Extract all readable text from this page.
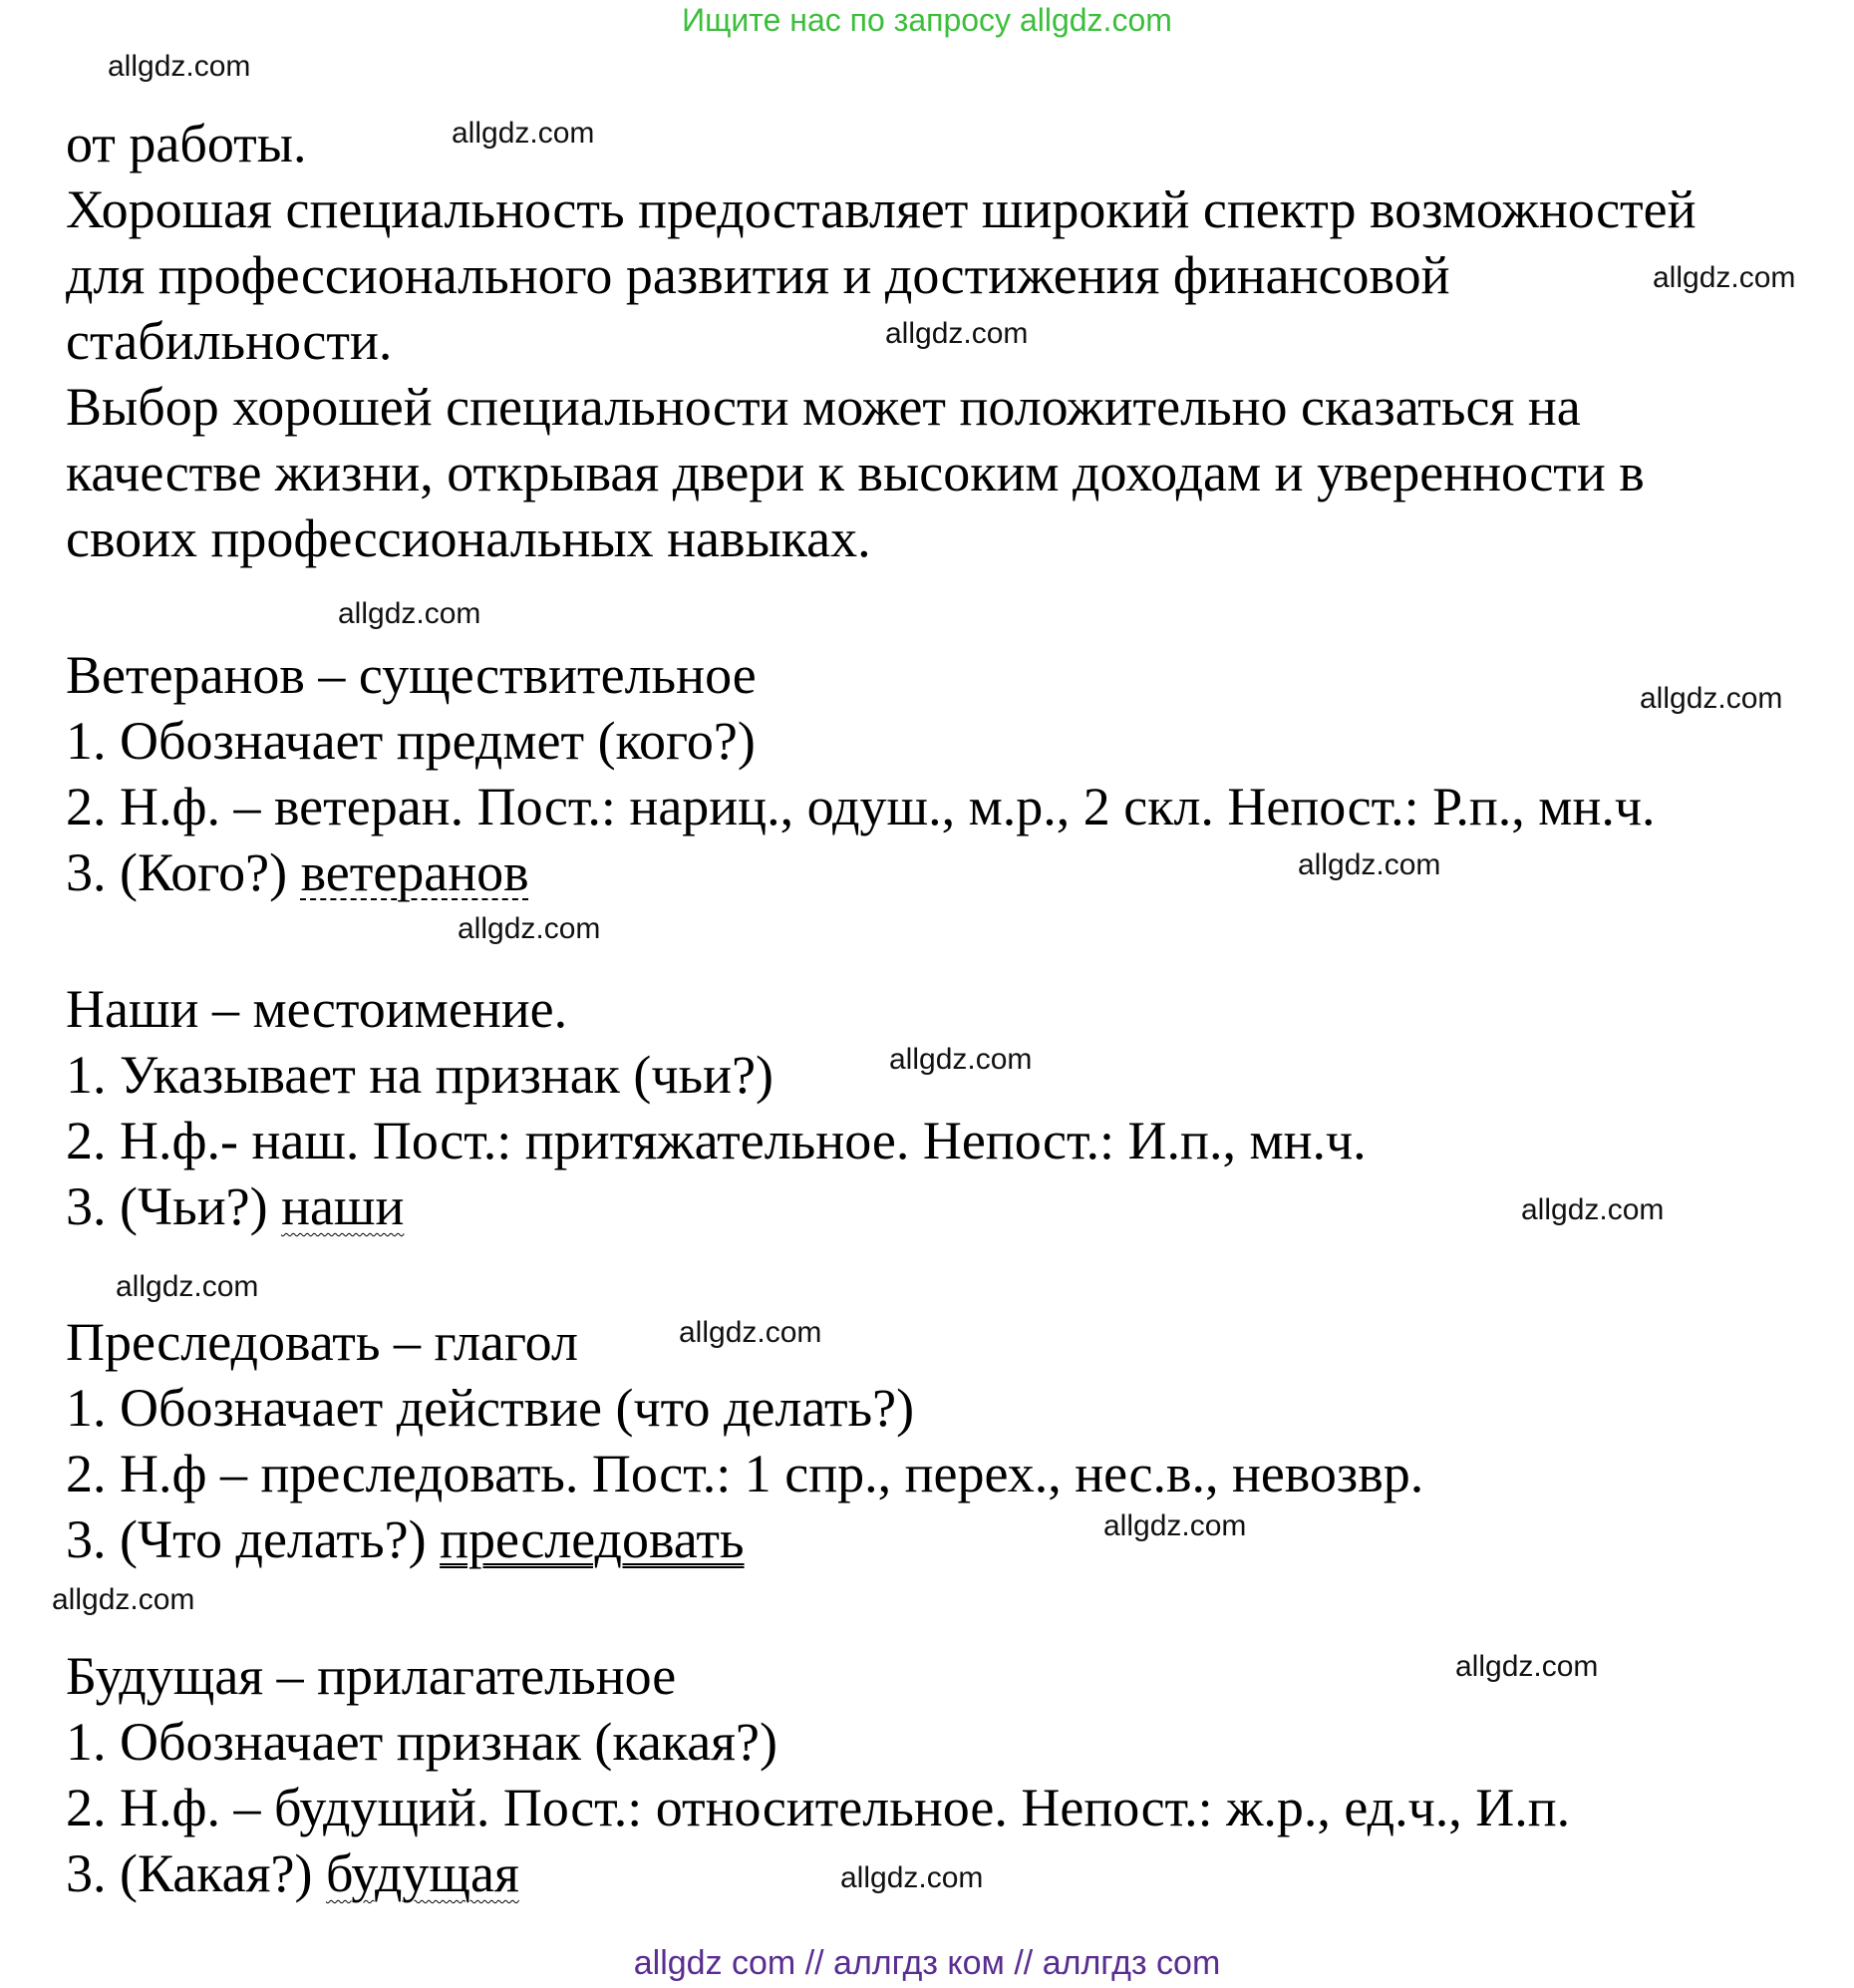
Ищите нас по запросу allgdz.com
allgdz.com
allgdz.com
allgdz.com
allgdz.com
allgdz.com
allgdz.com
allgdz.com
allgdz.com
allgdz.com
allgdz.com
allgdz.com
allgdz.com
allgdz.com
allgdz.com
allgdz.com
allgdz.com
от работы.
Хорошая специальность предоставляет широкий спектр возможностей
для профессионального развития и достижения финансовой
стабильности.
Выбор хорошей специальности может положительно сказаться на
качестве жизни, открывая двери к высоким доходам и уверенности в
своих профессиональных навыках.
Ветеранов – существительное
1. Обозначает предмет (кого?)
2. Н.ф. – ветеран. Пост.: нариц., одуш., м.р., 2 скл. Непост.: Р.п., мн.ч.
3. (Кого?) ветеранов
Наши – местоимение.
1. Указывает на признак (чьи?)
2. Н.ф.- наш. Пост.: притяжательное. Непост.: И.п., мн.ч.
3. (Чьи?) наши
Преследовать – глагол
1. Обозначает действие (что делать?)
2. Н.ф – преследовать. Пост.: 1 спр., перех., нес.в., невозвр.
3. (Что делать?) преследовать
Будущая – прилагательное
1. Обозначает признак (какая?)
2. Н.ф. – будущий. Пост.: относительное. Непост.: ж.р., ед.ч., И.п.
3. (Какая?) будущая
allgdz com // аллгдз ком // аллгдз com
